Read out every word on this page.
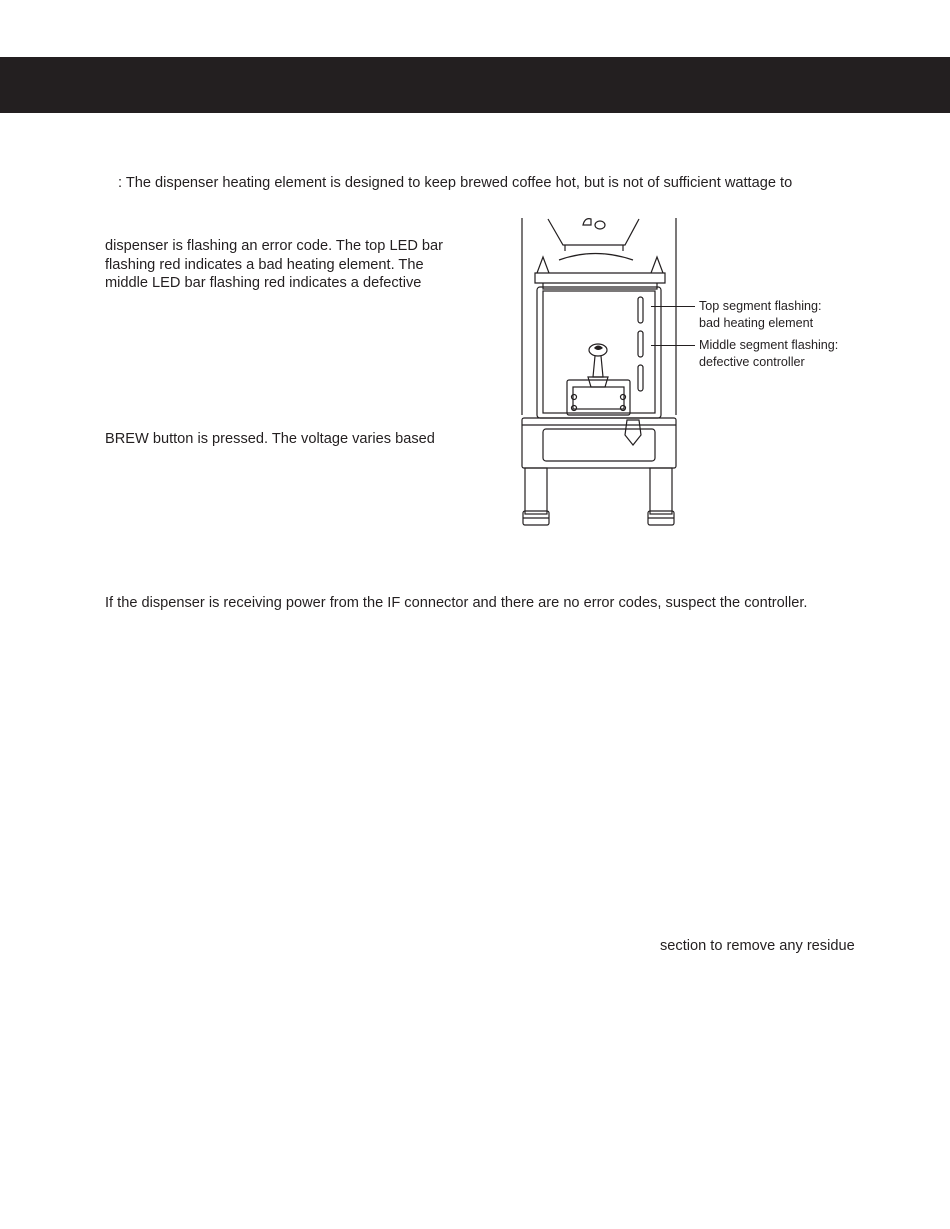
: The dispenser heating element is designed to keep brewed coffee hot, but is not of sufficient wattage to

dispenser is flashing an error code. The top LED bar
flashing red indicates a bad heating element. The
middle LED bar flashing red indicates a defective

BREW button is pressed. The voltage varies based

Top segment flashing:
bad heating element
Middle segment flashing:
defective controller

If the dispenser is receiving power from the IF connector and there are no error codes, suspect the controller.

section to remove any residue
